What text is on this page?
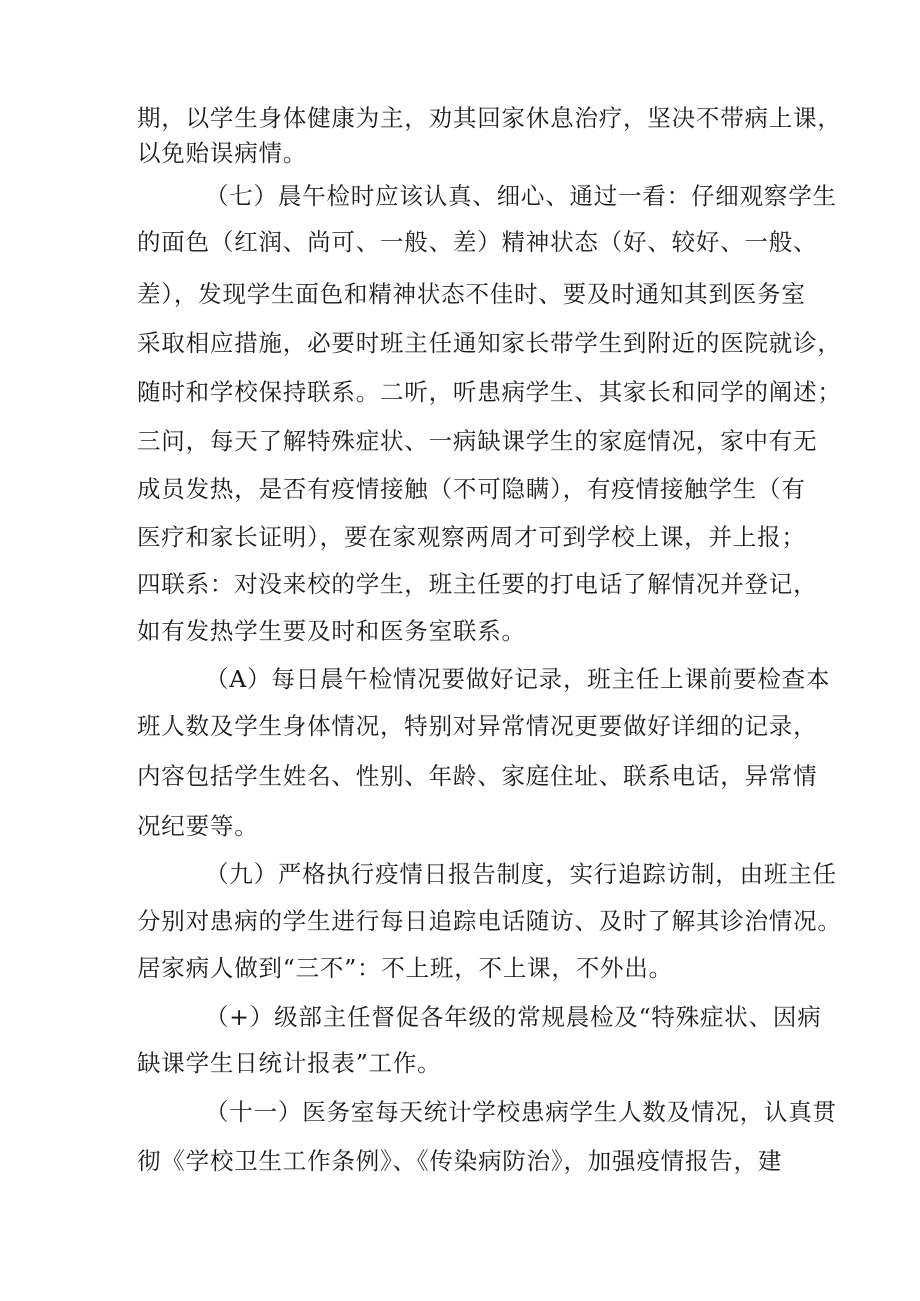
期，以学生身体健康为主，劝其回家休息治疗，坚决不带病上课，
以免贻误病情。
（七）晨午检时应该认真、细心、通过一看：仔细观察学生
的面色（红润、尚可、一般、差）精神状态（好、较好、一般、
差），发现学生面色和精神状态不佳时、要及时通知其到医务室
采取相应措施，必要时班主任通知家长带学生到附近的医院就诊，
随时和学校保持联系。二听，听患病学生、其家长和同学的阐述；
三问，每天了解特殊症状、一病缺课学生的家庭情况，家中有无
成员发热，是否有疫情接触（不可隐瞒），有疫情接触学生（有
医疗和家长证明），要在家观察两周才可到学校上课，并上报；
四联系：对没来校的学生，班主任要的打电话了解情况并登记，
如有发热学生要及时和医务室联系。
（A）每日晨午检情况要做好记录，班主任上课前要检查本
班人数及学生身体情况，特别对异常情况更要做好详细的记录，
内容包括学生姓名、性别、年龄、家庭住址、联系电话，异常情
况纪要等。
（九）严格执行疫情日报告制度，实行追踪访制，由班主任
分别对患病的学生进行每日追踪电话随访、及时了解其诊治情况。
居家病人做到“三不”：不上班，不上课，不外出。
（+）级部主任督促各年级的常规晨检及“特殊症状、因病
缺课学生日统计报表”工作。
（十一）医务室每天统计学校患病学生人数及情况，认真贯
彻《学校卫生工作条例》、《传染病防治》，加强疫情报告，建
